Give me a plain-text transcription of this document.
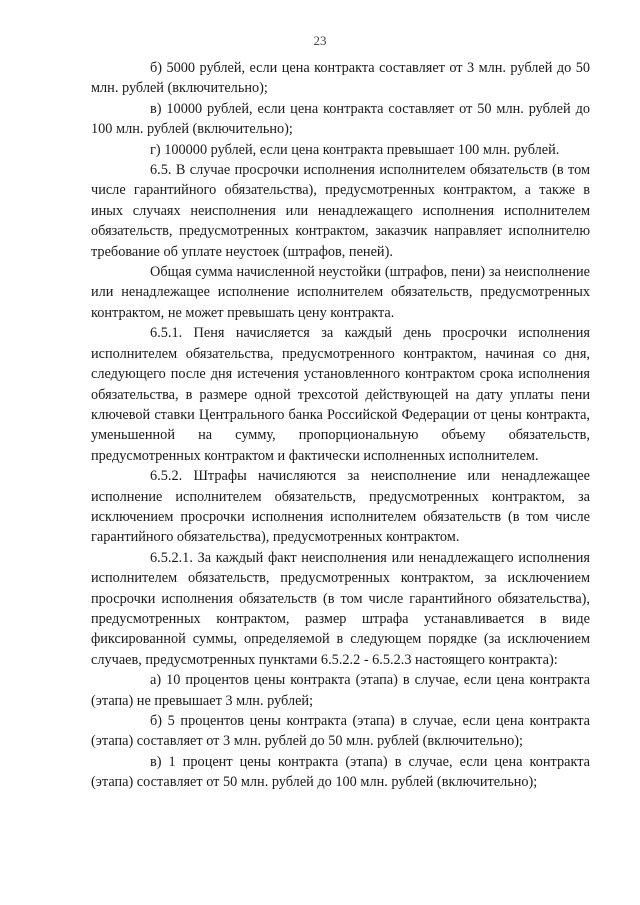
23

б) 5000 рублей, если цена контракта составляет от 3 млн. рублей до 50 млн. рублей (включительно);

в) 10000 рублей, если цена контракта составляет от 50 млн. рублей до 100 млн. рублей (включительно);

г) 100000 рублей, если цена контракта превышает 100 млн. рублей.

6.5. В случае просрочки исполнения исполнителем обязательств (в том числе гарантийного обязательства), предусмотренных контрактом, а также в иных случаях неисполнения или ненадлежащего исполнения исполнителем обязательств, предусмотренных контрактом, заказчик направляет исполнителю требование об уплате неустоек (штрафов, пеней).

Общая сумма начисленной неустойки (штрафов, пени) за неисполнение или ненадлежащее исполнение исполнителем обязательств, предусмотренных контрактом, не может превышать цену контракта.

6.5.1. Пеня начисляется за каждый день просрочки исполнения исполнителем обязательства, предусмотренного контрактом, начиная со дня, следующего после дня истечения установленного контрактом срока исполнения обязательства, в размере одной трехсотой действующей на дату уплаты пени ключевой ставки Центрального банка Российской Федерации от цены контракта, уменьшенной на сумму, пропорциональную объему обязательств, предусмотренных контрактом и фактически исполненных исполнителем.

6.5.2. Штрафы начисляются за неисполнение или ненадлежащее исполнение исполнителем обязательств, предусмотренных контрактом, за исключением просрочки исполнения исполнителем обязательств (в том числе гарантийного обязательства), предусмотренных контрактом.

6.5.2.1. За каждый факт неисполнения или ненадлежащего исполнения исполнителем обязательств, предусмотренных контрактом, за исключением просрочки исполнения обязательств (в том числе гарантийного обязательства), предусмотренных контрактом, размер штрафа устанавливается в виде фиксированной суммы, определяемой в следующем порядке (за исключением случаев, предусмотренных пунктами 6.5.2.2 - 6.5.2.3 настоящего контракта):

а) 10 процентов цены контракта (этапа) в случае, если цена контракта (этапа) не превышает 3 млн. рублей;

б) 5 процентов цены контракта (этапа) в случае, если цена контракта (этапа) составляет от 3 млн. рублей до 50 млн. рублей (включительно);

в) 1 процент цены контракта (этапа) в случае, если цена контракта (этапа) составляет от 50 млн. рублей до 100 млн. рублей (включительно);
